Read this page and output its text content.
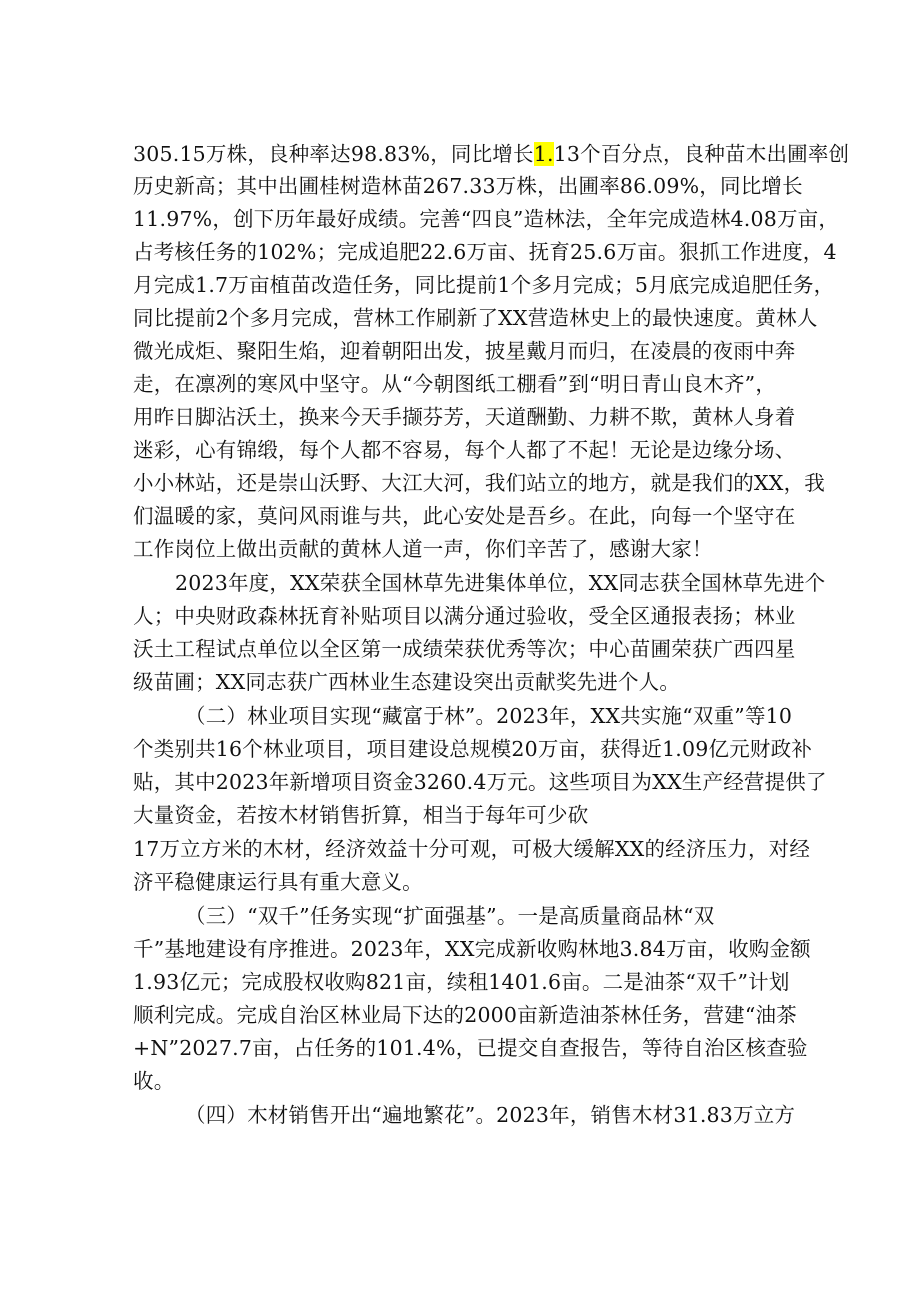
305.15万株，良种率达98.83%，同比增长1.13个百分点，良种苗木出圃率创
历史新高；其中出圃桂树造林苗267.33万株，出圃率86.09%，同比增长
11.97%，创下历年最好成绩。完善“四良”造林法，全年完成造林4.08万亩，
占考核任务的102%；完成追肥22.6万亩、抚育25.6万亩。狠抓工作进度，4
月完成1.7万亩植苗改造任务，同比提前1个多月完成；5月底完成追肥任务，
同比提前2个多月完成，营林工作刷新了XX营造林史上的最快速度。黄林人
微光成炬、聚阳生焰，迎着朝阳出发，披星戴月而归，在凌晨的夜雨中奔
走，在凛冽的寒风中坚守。从“今朝图纸工棚看”到“明日青山良木齐”，
用昨日脚沾沃土，换来今天手撷芬芳，天道酬勤、力耕不欺，黄林人身着
迷彩，心有锦缎，每个人都不容易，每个人都了不起！无论是边缘分场、
小小林站，还是崇山沃野、大江大河，我们站立的地方，就是我们的XX，我
们温暖的家，莫问风雨谁与共，此心安处是吾乡。在此，向每一个坚守在
工作岗位上做出贡献的黄林人道一声，你们辛苦了，感谢大家！
2023年度，XX荣获全国林草先进集体单位，XX同志获全国林草先进个
人；中央财政森林抚育补贴项目以满分通过验收，受全区通报表扬；林业
沃土工程试点单位以全区第一成绩荣获优秀等次；中心苗圃荣获广西四星
级苗圃；XX同志获广西林业生态建设突出贡献奖先进个人。
（二）林业项目实现“藏富于林”。2023年，XX共实施“双重”等10
个类别共16个林业项目，项目建设总规模20万亩，获得近1.09亿元财政补
贴，其中2023年新增项目资金3260.4万元。这些项目为XX生产经营提供了
大量资金，若按木材销售折算，相当于每年可少砍
17万立方米的木材，经济效益十分可观，可极大缓解XX的经济压力，对经
济平稳健康运行具有重大意义。
（三）“双千”任务实现“扩面强基”。一是高质量商品林“双
千”基地建设有序推进。2023年，XX完成新收购林地3.84万亩，收购金额
1.93亿元；完成股权收购821亩，续租1401.6亩。二是油茶“双千”计划
顺利完成。完成自治区林业局下达的2000亩新造油茶林任务，营建“油茶
+N”2027.7亩，占任务的101.4%，已提交自查报告，等待自治区核查验
收。
（四）木材销售开出“遍地繁花”。2023年，销售木材31.83万立方
